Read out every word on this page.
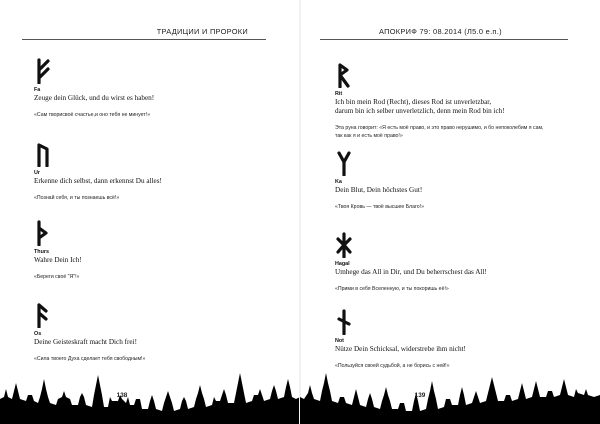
ТРАДИЦИИ И ПРОРОКИ
Fa
Zeuge dein Glück, und du wirst es haben!
«Сам творисвоё счастье,и оно тебя не минует!»
Ur
Erkenne dich selbst, dann erkennst Du alles!
«Познай себя, и ты познаешь всё!»
Thurs
Wahre Dein Ich!
«Береги своё "Я"!»
Os
Deine Geisteskraft macht Dich frei!
«Сила твоего Духа сделает тебя свободным!»
138
АПОКРИФ 79: 08.2014 (Л5.0 е.п.)
Rit
Ich bin mein Rod (Recht), dieses Rod ist unverletzbar,
darum bin ich selber unverletzlich, denn mein Rod bin ich!
Эта руна говорит: «Я есть моё право, и это право нерушимо, и бо непоколебим я сам,
так как я и есть моё право!»
Ka
Dein Blut, Dein höchstes Gut!
«Твоя Кровь — твоё высшее Благо!»
Hagal
Umhege das All in Dir, und Du beherrschest das All!
«Прими в себя Вселенную, и ты покоришь её!»
Not
Nütze Dein Schicksal, widerstrebe ihm nicht!
«Пользуйся своей судьбой, а не борись с ней!»
139
